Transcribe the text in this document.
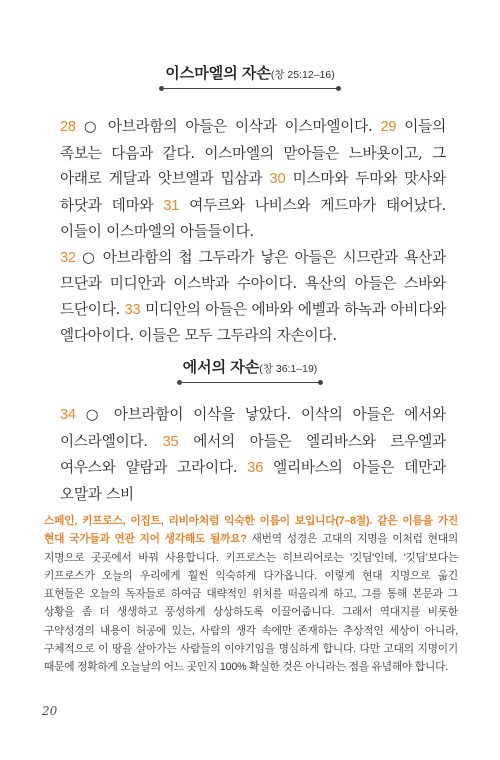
이스마엘의 자손(창 25:12–16)

28 ○ 아브라함의 아들은 이삭과 이스마엘이다. 29 이들의 족보는 다음과 같다. 이스마엘의 맏아들은 느바욧이고, 그 아래로 게달과 앗브엘과 밉삼과 30 미스마와 두마와 맛사와 하닷과 데마와 31 여두르와 나비스와 게드마가 태어났다. 이들이 이스마엘의 아들들이다.

32 ○ 아브라함의 첩 그두라가 낳은 아들은 시므란과 욕산과 므단과 미디안과 이스박과 수아이다. 욕산의 아들은 스바와 드단이다. 33 미디안의 아들은 에바와 에벨과 하녹과 아비다와 엘다아이다. 이들은 모두 그두라의 자손이다.

에서의 자손(창 36:1–19)

34 ○ 아브라함이 이삭을 낳았다. 이삭의 아들은 에서와 이스라엘이다. 35 에서의 아들은 엘리바스와 르우엘과 여우스와 얄람과 고라이다. 36 엘리바스의 아들은 데만과 오말과 스비

스페인, 키프로스, 이집트, 리비아처럼 익숙한 이름이 보입니다(7–8절). 같은 이름을 가진 현대 국가들과 연관 지어 생각해도 될까요? 새번역 성경은 고대의 지명을 이처럼 현대의 지명으로 곳곳에서 바꿔 사용합니다. 키프로스는 히브리어로는 '깃딤'인데, '깃딤'보다는 키프로스가 오늘의 우리에게 훨씬 익숙하게 다가옵니다. 이렇게 현대 지명으로 옮긴 표현들은 오늘의 독자들로 하여금 대략적인 위치를 떠올리게 하고, 그를 통해 본문과 그 상황을 좀 더 생생하고 풍성하게 상상하도록 이끌어줍니다. 그래서 역대지를 비롯한 구약성경의 내용이 허공에 있는, 사람의 생각 속에만 존재하는 추상적인 세상이 아니라, 구체적으로 이 땅을 살아가는 사람들의 이야기임을 명심하게 합니다. 다만 고대의 지명이기 때문에 정확하게 오늘날의 어느 곳인지 100% 확실한 것은 아니라는 점을 유념해야 합니다.
20
